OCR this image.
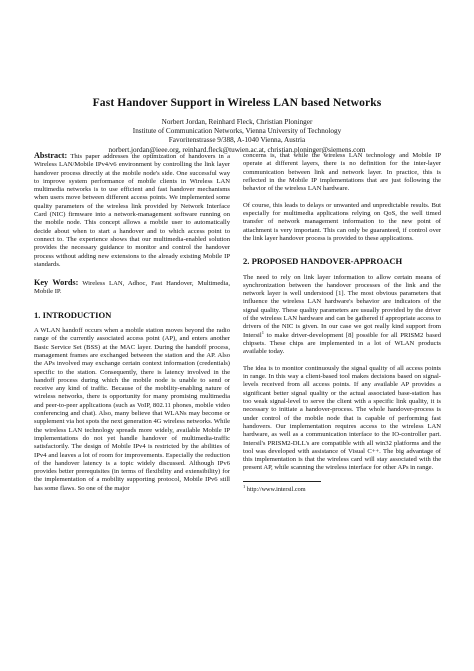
Fast Handover Support in Wireless LAN based Networks
Norbert Jordan, Reinhard Fleck, Christian Ploninger
Institute of Communication Networks, Vienna University of Technology
Favoritenstrasse 9/388, A-1040 Vienna, Austria
norbert.jordan@ieee.org, reinhard.fleck@tuwien.ac.at, christian.ploninger@siemens.com

Abstract: This paper addresses the optimization of handovers in a Wireless LAN/Mobile IPv4/v6 environment by controlling the link layer handover process directly at the mobile node's side. One successful way to improve system performance of mobile clients in Wireless LAN multimedia networks is to use efficient and fast handover mechanisms when users move between different access points. We implemented some quality parameters of the wireless link provided by Network Interface Card (NIC) firmware into a network-management software running on the mobile node. This concept allows a mobile user to automatically decide about when to start a handover and to which access point to connect to. The experience shows that our multimedia-enabled solution provides the necessary guidance to monitor and control the handover process without adding new extensions to the already existing Mobile IP standards.

Key Words: Wireless LAN, Adhoc, Fast Handover, Multimedia, Mobile IP.

1. INTRODUCTION

A WLAN handoff occurs when a mobile station moves beyond the radio range of the currently associated access point (AP), and enters another Basic Service Set (BSS) at the MAC layer. During the handoff process, management frames are exchanged between the station and the AP. Also the APs involved may exchange certain context information (credentials) specific to the station. Consequently, there is latency involved in the handoff process during which the mobile node is unable to send or receive any kind of traffic. Because of the mobility-enabling nature of wireless networks, there is opportunity for many promising multimedia and peer-to-peer applications (such as VoIP, 802.11 phones, mobile video conferencing and chat). Also, many believe that WLANs may become or supplement via hot spots the next generation 4G wireless networks. While the wireless LAN technology spreads more widely, available Mobile IP implementations do not yet handle handover of multimedia-traffic satisfactorily. The design of Mobile IPv4 is restricted by the abilities of IPv4 and leaves a lot of room for improvements. Especially the reduction of the handover latency is a topic widely discussed. Although IPv6 provides better prerequisites (in terms of flexibility and extensibility) for the implementation of a mobility supporting protocol, Mobile IPv6 still has some flaws. So one of the major

concerns is, that while the wireless LAN technology and Mobile IP operate at different layers, there is no definition for the inter-layer communication between link and network layer. In practice, this is reflected in the Mobile IP implementations that are just following the behavior of the wireless LAN hardware.

Of course, this leads to delays or unwanted and unpredictable results. But especially for multimedia applications relying on QoS, the well timed transfer of network management information to the new point of attachment is very important. This can only be guaranteed, if control over the link layer handover process is provided to these applications.

2. PROPOSED HANDOVER-APPROACH

The need to rely on link layer information to allow certain means of synchronization between the handover processes of the link and the network layer is well understood [1]. The most obvious parameters that influence the wireless LAN hardware's behavior are indicators of the signal quality. These quality parameters are usually provided by the driver of the wireless LAN hardware and can be gathered if appropriate access to drivers of the NIC is given. In our case we got really kind support from Intersil$^1$ to make driver-development [8] possible for all PRISM2 based chipsets. These chips are implemented in a lot of WLAN products available today.

The idea is to monitor continuously the signal quality of all access points in range. In this way a client-based tool makes decisions based on signal-levels received from all access points. If any available AP provides a significant better signal quality or the actual associated base-station has too weak signal-level to serve the client with a specific link quality, it is necessary to initiate a handover-process. The whole handover-process is under control of the mobile node that is capable of performing fast handovers. Our implementation requires access to the wireless LAN hardware, as well as a communication interface to the IO-controller part. Intersil's PRISM2-DLL's are compatible with all win32 platforms and the tool was developed with assistance of Visual C++. The big advantage of this implementation is that the wireless card will stay associated with the present AP, while scanning the wireless interface for other APs in range.

$^1$ http://www.intersil.com
